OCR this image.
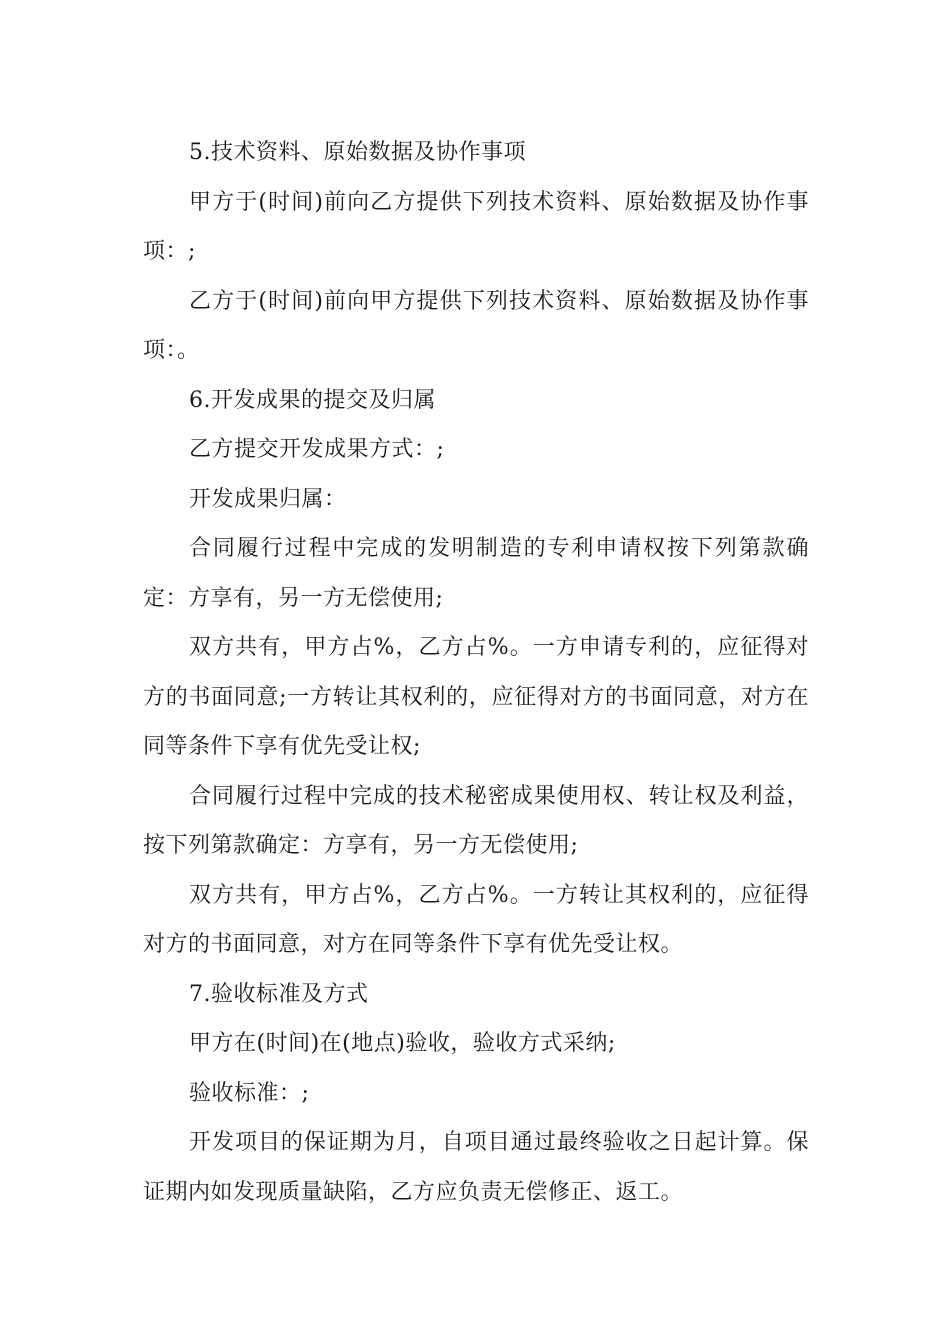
5.技术资料、原始数据及协作事项

甲方于(时间)前向乙方提供下列技术资料、原始数据及协作事项：;

乙方于(时间)前向甲方提供下列技术资料、原始数据及协作事项：。

6.开发成果的提交及归属

乙方提交开发成果方式：;

开发成果归属：

合同履行过程中完成的发明制造的专利申请权按下列第款确定：方享有，另一方无偿使用;

双方共有，甲方占%，乙方占%。一方申请专利的，应征得对方的书面同意;一方转让其权利的，应征得对方的书面同意，对方在同等条件下享有优先受让权;

合同履行过程中完成的技术秘密成果使用权、转让权及利益，按下列第款确定：方享有，另一方无偿使用;

双方共有，甲方占%，乙方占%。一方转让其权利的，应征得对方的书面同意，对方在同等条件下享有优先受让权。

7.验收标准及方式

甲方在(时间)在(地点)验收，验收方式采纳;

验收标准：;

开发项目的保证期为月，自项目通过最终验收之日起计算。保证期内如发现质量缺陷，乙方应负责无偿修正、返工。
